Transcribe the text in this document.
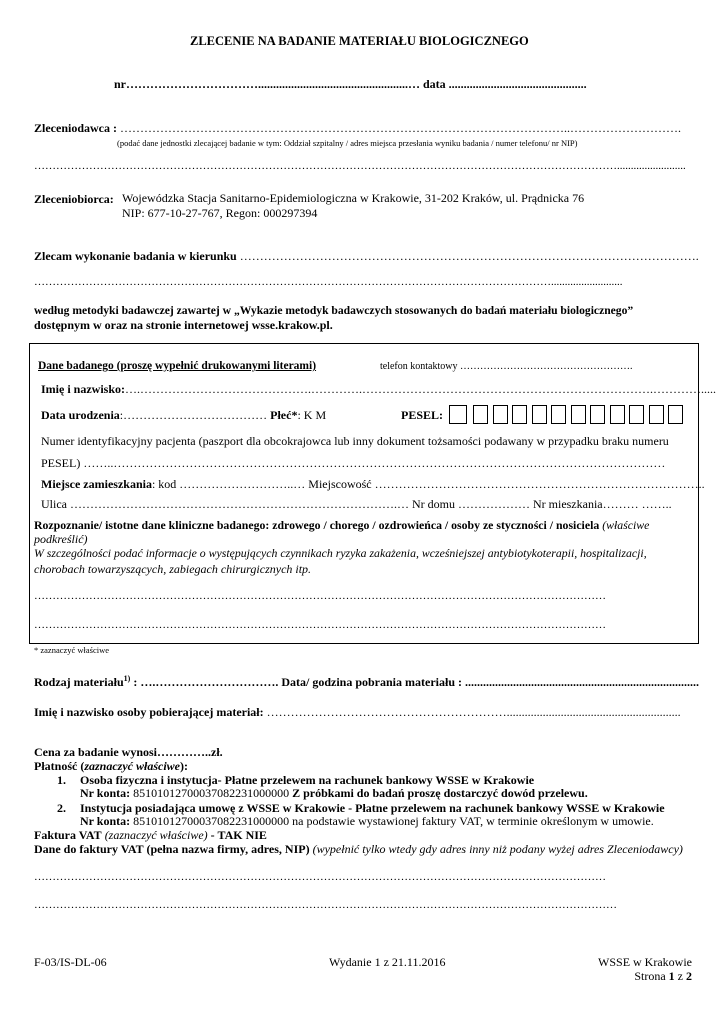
ZLECENIE NA BADANIE MATERIAŁU BIOLOGICZNEGO
nr……………………………..................................................… data ..............................................
Zleceniodawca : …………………………………………………………………………………………………..……………………….
(podać dane jednostki zlecającej badanie w tym: Oddział szpitalny / adres miejsca przesłania wyniku badania / numer telefonu/ nr NIP)
…………………………………………………………………………………………………………………………………………….........................
Zleceniobiorca: Wojewódzka Stacja Sanitarno-Epidemiologiczna w Krakowie, 31-202 Kraków, ul. Prądnicka 76
NIP: 677-10-27-767, Regon: 000297394
Zlecam wykonanie badania w kierunku …………………………………………………………………………………………………….
……………………………………………………………………………………………………………………………..........................
według metodyki badawczej zawartej w „Wykazie metodyk badawczych stosowanych do badań materiału biologicznego”
dostępnym w oraz na stronie internetowej wsse.krakow.pl.
Dane badanego (proszę wypełnić drukowanymi literami)	telefon kontaktowy …………………………………………….
Imię i nazwisko:….…………………………………….………….……………………………………………………………….………….....
Data urodzenia:……………………………… Płeć*: K M	PESEL:
Numer identyfikacyjny pacjenta (paszport dla obcokrajowca lub inny dokument tożsamości podawany w przypadku braku numeru
PESEL) ……..…………………………………………………………………………………………………………………………
Miejsce zamieszkania: kod ………………………..… Miejscowość ………………………………………………………………………..
Ulica ……………………………………………………………………….… Nr domu ……………… Nr mieszkania……… ……..
Rozpoznanie/ istotne dane kliniczne badanego: zdrowego / chorego / ozdrowieńca / osoby ze styczności / nosiciela (właściwe
podkreślić)
W szczególności podać informacje o występujących czynnikach ryzyka zakażenia, wcześniejszej antybiotykoterapii, hospitalizacji,
chorobach towarzyszących, zabiegach chirurgicznych itp.
…………………………………………………………………………………………………………………………………………
…………………………………………………………………………………………………………………………………………
* zaznaczyć właściwe
Rodzaj materiału$^{1)}$ : ….…………………………. Data/ godzina pobrania materiału : ..............................................................................
Imię i nazwisko osoby pobierającej materiał: ……………………………………………………..........................................................
Cena za badanie wynosi…………..zł.
Płatność (zaznaczyć właściwe):
1. Osoba fizyczna i instytucja- Płatne przelewem na rachunek bankowy WSSE w Krakowie
Nr konta: 85101012700037082231000000 Z próbkami do badań proszę dostarczyć dowód przelewu.
2. Instytucja posiadająca umowę z WSSE w Krakowie - Płatne przelewem na rachunek bankowy WSSE w Krakowie
Nr konta: 85101012700037082231000000 na podstawie wystawionej faktury VAT, w terminie określonym w umowie.
Faktura VAT (zaznaczyć właściwe) - TAK NIE
Dane do faktury VAT (pełna nazwa firmy, adres, NIP) (wypełnić tylko wtedy gdy adres inny niż podany wyżej adres Zleceniodawcy)
…………………………………………………………………………………………………………………………………………
……………………………………………………………………………………………………………………………………………
F-03/IS-DL-06	Wydanie 1 z 21.11.2016	WSSE w Krakowie
Strona 1 z 2
